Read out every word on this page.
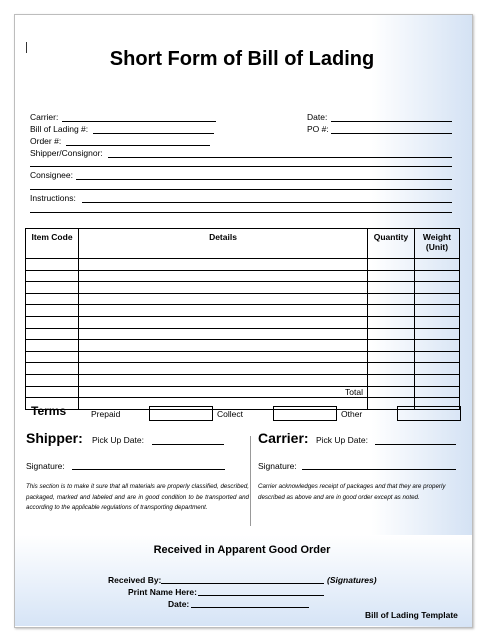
Short Form of Bill of Lading
Carrier:
Bill of Lading #:
Order #:
Shipper/Consignor:
Consignee:
Instructions:
Date:
PO #:
Item Code	Details	Quantity	Weight (Unit)

	Total		

Terms	Prepaid	Collect	Other
Shipper: Pick Up Date:
Signature:
This section is to make it sure that all materials are properly classified, described, packaged, marked and labeled and are in good condition to be transported and according to the applicable regulations of transporting department.
Carrier: Pick Up Date:
Signature:
Carrier acknowledges receipt of packages and that they are properly described as above and are in good order except as noted.
Received in Apparent Good Order
Received By:	(Signatures)
Print Name Here:
Date:
Bill of Lading Template
